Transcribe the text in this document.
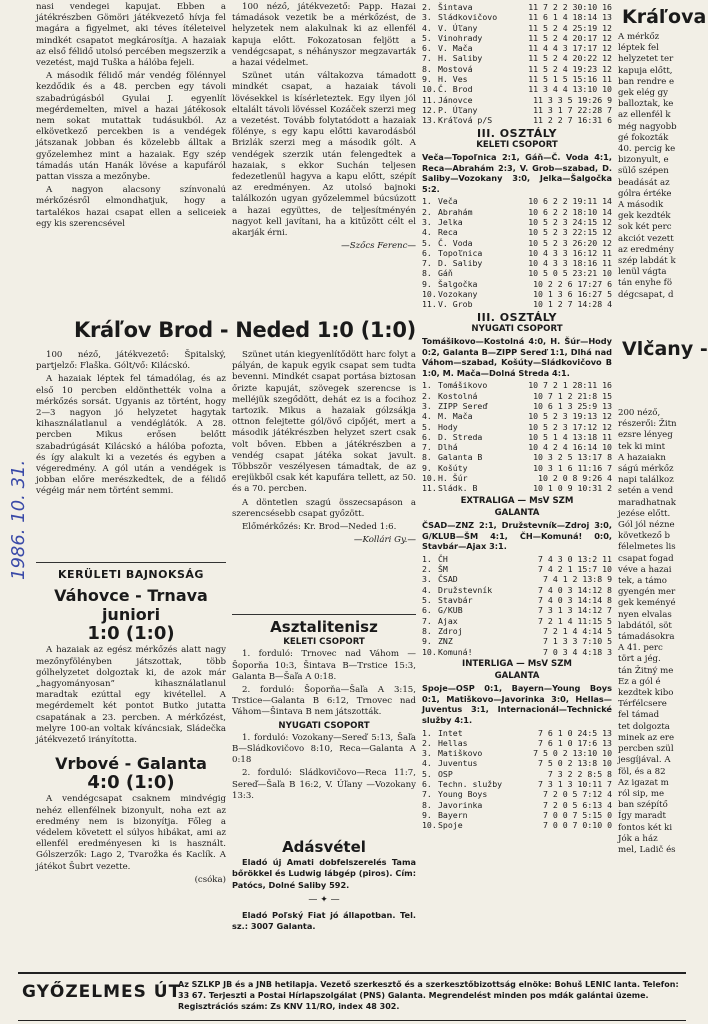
1986. 10. 31.

nasi vendegei kapujat. Ebben a játékrészben Gömöri játékvezető hívja fel magára a figyelmet, aki téves ítéleteivel mindkét csapatot megkárosítja. A hazaiak az első félidő utolsó percében megszerzik a vezetést, majd Tuška a hálóba fejeli.

A második félidő már vendég fölénnyel kezdődik és a 48. percben egy távoli szabadrúgásból Gyulai J. egyenlít megérdemelten, mivel a hazai játékosok nem sokat mutattak tudásukból. Az elkövetkező percekben is a vendégek játszanak jobban és közelebb álltak a győzelemhez mint a hazaiak. Egy szép támadás után Hanák lövése a kapufáról pattan vissza a mezőnybe.

A nagyon alacsony színvonalú mérkőzésről elmondhatjuk, hogy a tartalékos hazai csapat ellen a seliceiek egy kis szerencsével

100 néző, játékvezető: Papp. Hazai támadások vezetik be a mérkőzést, de helyzetek nem alakulnak ki az ellenfél kapuja előtt. Fokozatosan feljött a vendégcsapat, s néhányszor megzavarták a hazai védelmet.

Szünet után váltakozva támadott mindkét csapat, a hazaiak távoli lövésekkel is kísérleteztek. Egy ilyen jól eltalált távoli lövéssel Kozáček szerzi meg a vezetést. Tovább folytatódott a hazaiak fölénye, s egy kapu előtti kavarodásból Brizlák szerzi meg a második gólt. A vendégek szerzik után felengedtek a hazaiak, s ekkor Suchán teljesen fedezetlenül hagyva a kapu előtt, szépít az eredményen. Az utolsó bajnoki találkozón ugyan győzelemmel búcsúzott a hazai együttes, de teljesítményén nagyot kell javítani, ha a kitűzött célt el akarják érni.

—Szőcs Ferenc—
Kráľov Brod - Neded 1:0 (1:0)

100 néző, játékvezető: Špitalský, partjelző: Flaška. Gólt/vő: Kilácskó.

A hazaiak léptek fel támadólag, és az első 10 percben eldönthették volna a mérkőzés sorsát. Ugyanis az történt, hogy 2—3 nagyon jó helyzetet hagytak kihasználatlanul a vendéglátók. A 28. percben Mikus erősen belőtt szabadrúgását Kilácskó a hálóba pofozta, és így alakult ki a vezetés és egyben a végeredmény. A gól után a vendégek is jobban előre merészkedtek, de a félidő végéig már nem történt semmi.

Szünet után kiegyenlítődött harc folyt a pályán, de kapuk egyik csapat sem tudta bevenni. Mindkét csapat portása biztosan őrizte kapuját, szövegek szerencse is melléjük szegődött, dehát ez is a focihoz tartozik. Mikus a hazaiak gólzsákja ottnon felejtette gól/övő cipőjét, mert a második játékrészben helyzet szert csak volt bőven. Ebben a játékrészben a vendég csapat játéka sokat javult. Többször veszélyesen támadtak, de az erejükből csak két kapufára tellett, az 50. és a 70. percben.

A döntetlen szagú összecsapáson a szerencsésebb csapat győzött.

Előmérkőzés: Kr. Brod—Neded 1:6.

—Kollári Gy.—
KERÜLETI BAJNOKSÁG
Váhovce - Trnava juniori
1:0 (1:0)

A hazaiak az egész mérkőzés alatt nagy mezőnyfölényben játszottak, több gólhelyzetet dolgoztak ki, de azok már „hagyományosan” kihasználatlanul maradtak ezúttal egy kivétellel. A megérdemelt két pontot Butko jutatta csapatának a 23. percben. A mérkőzést, melyre 100-an voltak kíváncsiak, Sládečka játékvezető irányította.

Vrbové - Galanta
4:0 (1:0)

A vendégcsapat csaknem mindvégig nehéz ellenfélnek bizonyult, noha ezt az eredmény nem is bizonyítja. Főleg a védelem követett el súlyos hibákat, ami az ellenfél eredményesen ki is használt. Gólszerzők: Lago 2, Tvarožka és Kaclík. A játékot Šubrt vezette.

(csóka)
Asztalitenisz
KELETI CSOPORT

1. forduló: Trnovec nad Váhom —Šoporňa 10:3, Šintava B—Trstice 15:3, Galanta B—Šaľa A 0:18.

2. forduló: Šoporňa—Šaľa A 3:15, Trstice—Galanta B 6:12, Trnovec nad Váhom—Šintava B nem játszották.

NYUGATI CSOPORT

1. forduló: Vozokany—Sereď 5:13, Šaľa B—Sládkovičovo 8:10, Reca—Galanta A 0:18

2. forduló: Sládkovičovo—Reca 11:7, Sereď—Šaľa B 16:2, V. Úľany —Vozokany 13:3.

Adásvétel

Eladó új Amati dobfelszerelés Tama bőrökkel és Ludwig lábgép (piros). Cím: Patócs, Dolné Saliby 592.

— ✦ —

Eladó Poľský Fiat jó állapotban. Tel. sz.: 3007 Galanta.

2.	Šintava	11 7 2 2 30:10 16
3.	Sládkovičovo	11 6 1 4 18:14 13
4.	V. Úľany	11 5 2 4 25:19 12
5.	Vinohrady	11 5 2 4 20:17 12
6.	V. Mača	11 4 4 3 17:17 12
7.	H. Saliby	11 5 2 4 20:22 12
8.	Mostová	11 5 2 4 19:23 12
9.	H. Ves	11 5 1 5 15:16 11
10.	Č. Brod	11 3 4 4 13:10 10
11.	Jánovce	11 3 3 5 19:26 9
12.	P. Úľany	11 3 1 7 22:28 7
13.	Kráľová p/S	11 2 2 7 16:31 6
III. OSZTÁLY
KELETI CSOPORT
Veča—Topoľnica 2:1, Gáň—Č. Voda 4:1, Reca—Abrahám 2:3, V. Grob—szabad, D. Saliby—Vozokany 3:0, Jelka—Šalgočka 5:2.
1.	Veča	10 6 2 2 19:11 14
2.	Abrahám	10 6 2 2 18:10 14
3.	Jelka	10 5 2 3 24:15 12
4.	Reca	10 5 2 3 22:15 12
5.	Č. Voda	10 5 2 3 26:20 12
6.	Topoľnica	10 4 3 3 16:12 11
7.	D. Saliby	10 4 3 3 18:16 11
8.	Gáň	10 5 0 5 23:21 10
9.	Šalgočka	10 2 2 6 17:27 6
10.	Vozokany	10 1 3 6 16:27 5
11.	V. Grob	10 1 2 7 14:28 4
III. OSZTÁLY
NYUGATI CSOPORT
Tomášikovo—Kostolná 4:0, H. Šúr—Hody 0:2, Galanta B—ZIPP Sereď 1:1, Dlhá nad Váhom—szabad, Košúty—Sládkovičovo B 1:0, M. Mača—Dolná Streda 4:1.
1.	Tomášikovo	10 7 2 1 28:11 16
2.	Kostolná	10 7 1 2 21:8 15
3.	ZIPP Sereď	10 6 1 3 25:9 13
4.	M. Mača	10 5 2 3 19:13 12
5.	Hody	10 5 2 3 17:12 12
6.	D. Streda	10 5 1 4 13:18 11
7.	Dlhá	10 4 2 4 16:14 10
8.	Galanta B	10 3 2 5 13:17 8
9.	Košúty	10 3 1 6 11:16 7
10.	H. Šúr	10 2 0 8 9:26 4
11.	Sládk. B	10 1 0 9 10:31 2
EXTRALIGA — MsV SZM
GALANTA
ČSAD—ZNZ 2:1, Družstevník—Zdroj 3:0, G/KLUB—ŠM 4:1, ČH—Komuná! 0:0, Stavbár—Ajax 3:1.
1.	ČH	7 4 3 0 13:2 11
2.	ŠM	7 4 2 1 15:7 10
3.	ČSAD	7 4 1 2 13:8 9
4.	Družstevník	7 4 0 3 14:12 8
5.	Stavbár	7 4 0 3 14:14 8
6.	G/KUB	7 3 1 3 14:12 7
7.	Ajax	7 2 1 4 11:15 5
8.	Zdroj	7 2 1 4 4:14 5
9.	ZNZ	7 1 3 3 7:10 5
10.	Komuná!	7 0 3 4 4:18 3
INTERLIGA — MsV SZM
GALANTA
Spoje—OSP 0:1, Bayern—Young Boys 0:1, Matiškovo—Javorinka 3:0, Hellas—Juventus 3:1, Internacionál—Technické služby 4:1.
1.	Intet	7 6 1 0 24:5 13
2.	Hellas	7 6 1 0 17:6 13
3.	Matiškovo	7 5 0 2 13:10 10
4.	Juventus	7 5 0 2 13:8 10
5.	OSP	7 3 2 2 8:5 8
6.	Techn. služby	7 3 1 3 10:11 7
7.	Young Boys	7 2 0 5 7:12 4
8.	Javorinka	7 2 0 5 6:13 4
9.	Bayern	7 0 0 7 5:15 0
10.	Spoje	7 0 0 7 0:10 0
Kráľova
A mérkőz
léptek fel
helyzetet ter
kapuja előtt,
ban rendre e
gek elég gy
balloztak, ke
az ellenfél k
még nagyobb
gé fokozták
40. percig ke
bizonyult, e
sülő szépen
beadását az
gólra értéke
A második
gek kezdték
sok két perc
akciót vezett
az eredmény
szép labdát k
lenül vágta
tán enyhe fö
dégcsapat, d
Vlčany -
200 néző,
részerői: Žitn
ezsre lényeg
tek ki mint
A hazaiakn
ságú mérkőz
napi találkoz
setén a vend
maradhatnak
jezése előtt.
Gól jól nézne
következő b
félelmetes lis
csapat fogad
véve a hazai
tek, a támo
gyengén mer
gek keményé
nyen elvalas
labdától, söt
támadásokra
A 41. perc
tört a jég.
tán Žitný me
Ez a gól é
kezdtek kibo
Térfélcsere
fel támad
tet dolgozta
minek az ere
percben szül
jesgíjával. A
föl, és a 82
Az igazat m
ról sip, me
ban szépítő
Így maradt
fontos két ki
Jók a ház
mel, Ladič és
GYŐZELMES ÚT
Az SZLKP JB és a JNB hetilapja. Vezető szerkesztő és a szerkesztőbizottság elnöke: Bohuš LENIC lanta. Telefon: 33 67. Terjeszti a Postai Hírlapszolgálat (PNS) Galanta. Megrendelést minden pos mdák galántai üzeme. Regisztrációs szám: Zs KNV 11/RO, index 48 302.
